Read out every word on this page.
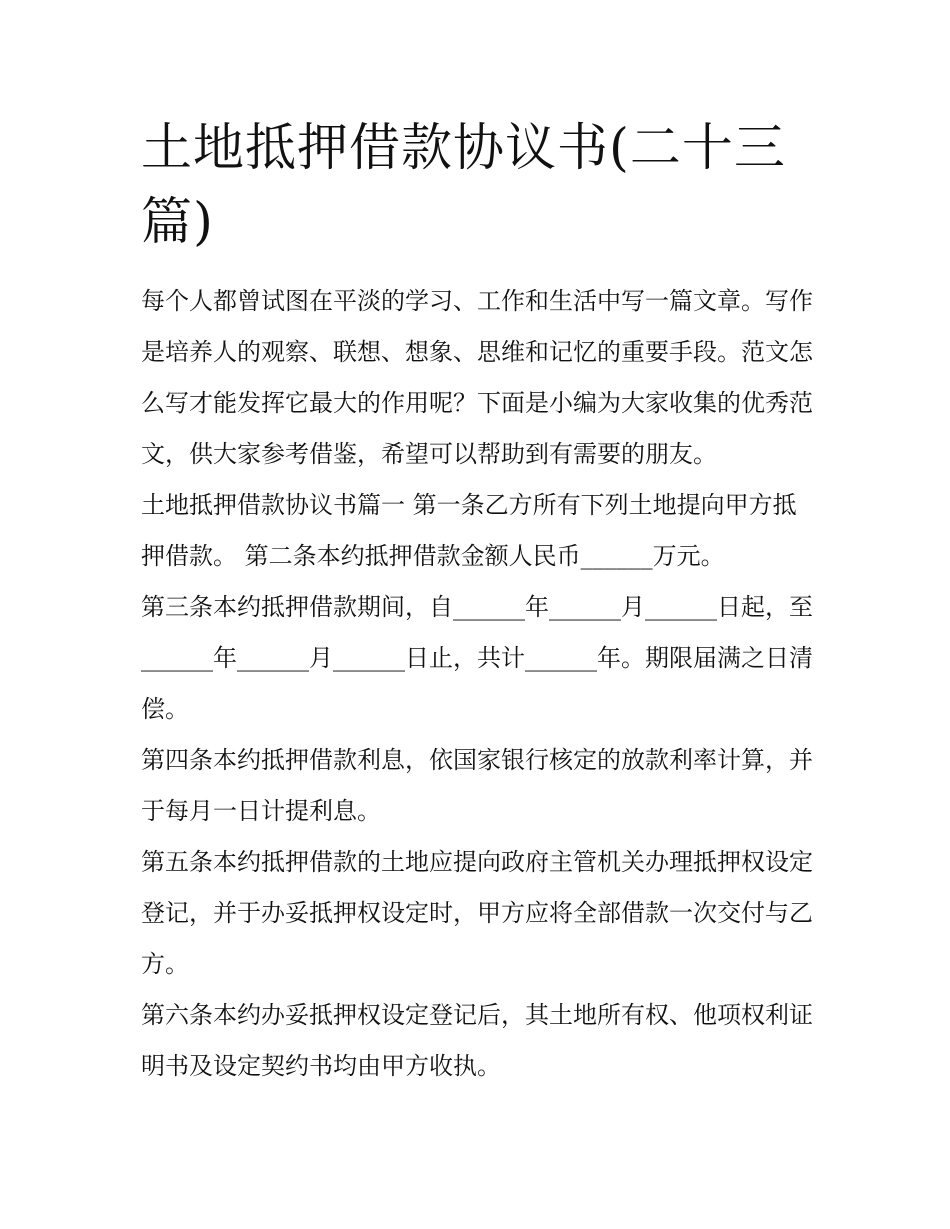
土地抵押借款协议书(二十三篇)

每个人都曾试图在平淡的学习、工作和生活中写一篇文章。写作是培养人的观察、联想、想象、思维和记忆的重要手段。范文怎么写才能发挥它最大的作用呢？下面是小编为大家收集的优秀范文，供大家参考借鉴，希望可以帮助到有需要的朋友。

土地抵押借款协议书篇一 第一条乙方所有下列土地提向甲方抵押借款。 第二条本约抵押借款金额人民币______万元。

第三条本约抵押借款期间，自______年______月______日起，至______年______月______日止，共计______年。期限届满之日清偿。

第四条本约抵押借款利息，依国家银行核定的放款利率计算，并于每月一日计提利息。

第五条本约抵押借款的土地应提向政府主管机关办理抵押权设定登记，并于办妥抵押权设定时，甲方应将全部借款一次交付与乙方。

第六条本约办妥抵押权设定登记后，其土地所有权、他项权利证明书及设定契约书均由甲方收执。
